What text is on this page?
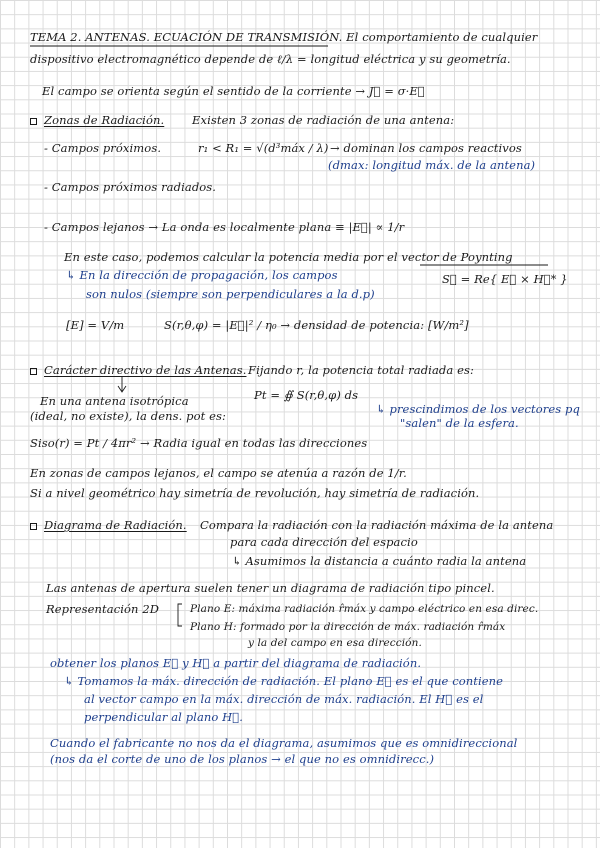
TEMA 2. ANTENAS. ECUACIÓN DE TRANSMISIÓN. El comportamiento de cualquier
dispositivo electromagnético depende de ℓ/λ = longitud eléctrica y su geometría.
El campo se orienta según el sentido de la corriente → J⃗ = σ·E⃗
Zonas de Radiación. Existen 3 zonas de radiación de una antena:
- Campos próximos.	r₁ < R₁ = √(d³máx / λ) → dominan los campos reactivos
(dmax: longitud máx. de la antena)
- Campos próximos radiados.
- Campos lejanos → La onda es localmente plana ≡ |E⃗| ∝ 1/r
En este caso, podemos calcular la potencia media por el vector de Poynting
↳ En la dirección de propagación, los campos	S⃗ = Re{ E⃗ × H⃗* }
son nulos (siempre son perpendiculares a la d.p)
[E] = V/m	S(r,θ,φ) = |E⃗|² / η₀ → densidad de potencia: [W/m²]
Carácter directivo de las Antenas. Fijando r, la potencia total radiada es:
En una antena isotrópica	Pt = ∯ S(r,θ,φ) ds
(ideal, no existe), la dens. pot es:	↳ prescindimos de los vectores pq
"salen" de la esfera.
Siso(r) = Pt / 4πr² → Radia igual en todas las direcciones
En zonas de campos lejanos, el campo se atenúa a razón de 1/r.
Si a nivel geométrico hay simetría de revolución, hay simetría de radiación.
Diagrama de Radiación. Compara la radiación con la radiación máxima de la antena
para cada dirección del espacio
↳ Asumimos la distancia a cuánto radia la antena
Las antenas de apertura suelen tener un diagrama de radiación tipo pincel.
Representación 2D	Plano E: máxima radiación r̂máx y campo eléctrico en esa direc.
Plano H: formado por la dirección de máx. radiación r̂máx
y la del campo en esa dirección.
obtener los planos E⃗ y H⃗ a partir del diagrama de radiación.
↳ Tomamos la máx. dirección de radiación. El plano E⃗ es el que contiene
al vector campo en la máx. dirección de máx. radiación. El H⃗ es el
perpendicular al plano H⃗.
Cuando el fabricante no nos da el diagrama, asumimos que es omnidireccional
(nos da el corte de uno de los planos → el que no es omnidirecc.)
